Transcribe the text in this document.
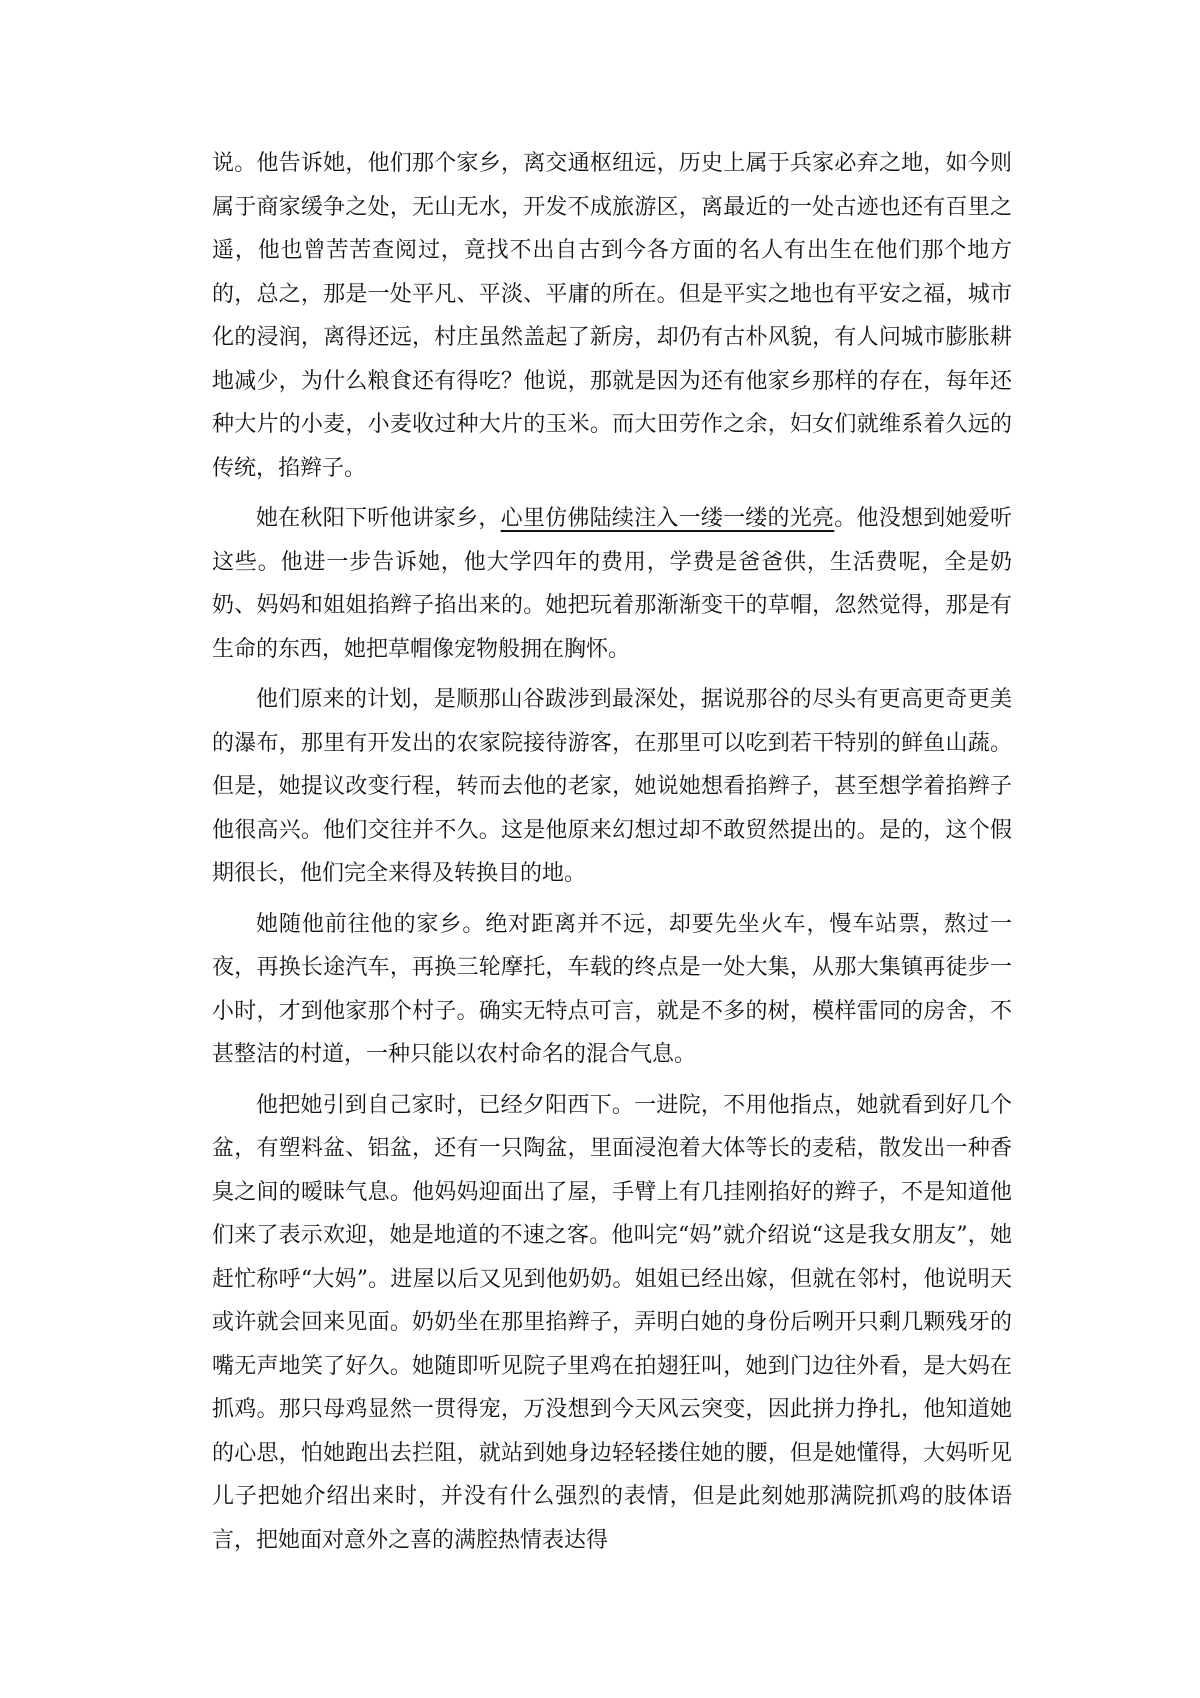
说。他告诉她，他们那个家乡，离交通枢纽远，历史上属于兵家必弃之地，如今则属于商家缓争之处，无山无水，开发不成旅游区，离最近的一处古迹也还有百里之遥，他也曾苦苦查阅过，竟找不出自古到今各方面的名人有出生在他们那个地方的，总之，那是一处平凡、平淡、平庸的所在。但是平实之地也有平安之福，城市化的浸润，离得还远，村庄虽然盖起了新房，却仍有古朴风貌，有人问城市膨胀耕地减少，为什么粮食还有得吃？他说，那就是因为还有他家乡那样的存在，每年还种大片的小麦，小麦收过种大片的玉米。而大田劳作之余，妇女们就维系着久远的传统，掐辫子。

她在秋阳下听他讲家乡，心里仿佛陆续注入一缕一缕的光亮。他没想到她爱听这些。他进一步告诉她，他大学四年的费用，学费是爸爸供，生活费呢，全是奶奶、妈妈和姐姐掐辫子掐出来的。她把玩着那渐渐变干的草帽，忽然觉得，那是有生命的东西，她把草帽像宠物般拥在胸怀。

他们原来的计划，是顺那山谷跋涉到最深处，据说那谷的尽头有更高更奇更美的瀑布，那里有开发出的农家院接待游客，在那里可以吃到若干特别的鲜鱼山蔬。但是，她提议改变行程，转而去他的老家，她说她想看掐辫子，甚至想学着掐辫子他很高兴。他们交往并不久。这是他原来幻想过却不敢贸然提出的。是的，这个假期很长，他们完全来得及转换目的地。

她随他前往他的家乡。绝对距离并不远，却要先坐火车，慢车站票，熬过一夜，再换长途汽车，再换三轮摩托，车载的终点是一处大集，从那大集镇再徒步一小时，才到他家那个村子。确实无特点可言，就是不多的树，模样雷同的房舍，不甚整洁的村道，一种只能以农村命名的混合气息。

他把她引到自己家时，已经夕阳西下。一进院，不用他指点，她就看到好几个盆，有塑料盆、铝盆，还有一只陶盆，里面浸泡着大体等长的麦秸，散发出一种香臭之间的暧昧气息。他妈妈迎面出了屋，手臂上有几挂刚掐好的辫子，不是知道他们来了表示欢迎，她是地道的不速之客。他叫完“妈”就介绍说“这是我女朋友”，她赶忙称呼“大妈”。进屋以后又见到他奶奶。姐姐已经出嫁，但就在邻村，他说明天或许就会回来见面。奶奶坐在那里掐辫子，弄明白她的身份后咧开只剩几颗残牙的嘴无声地笑了好久。她随即听见院子里鸡在拍翅狂叫，她到门边往外看，是大妈在抓鸡。那只母鸡显然一贯得宠，万没想到今天风云突变，因此拼力挣扎，他知道她的心思，怕她跑出去拦阻，就站到她身边轻轻搂住她的腰，但是她懂得，大妈听见儿子把她介绍出来时，并没有什么强烈的表情，但是此刻她那满院抓鸡的肢体语言，把她面对意外之喜的满腔热情表达得
